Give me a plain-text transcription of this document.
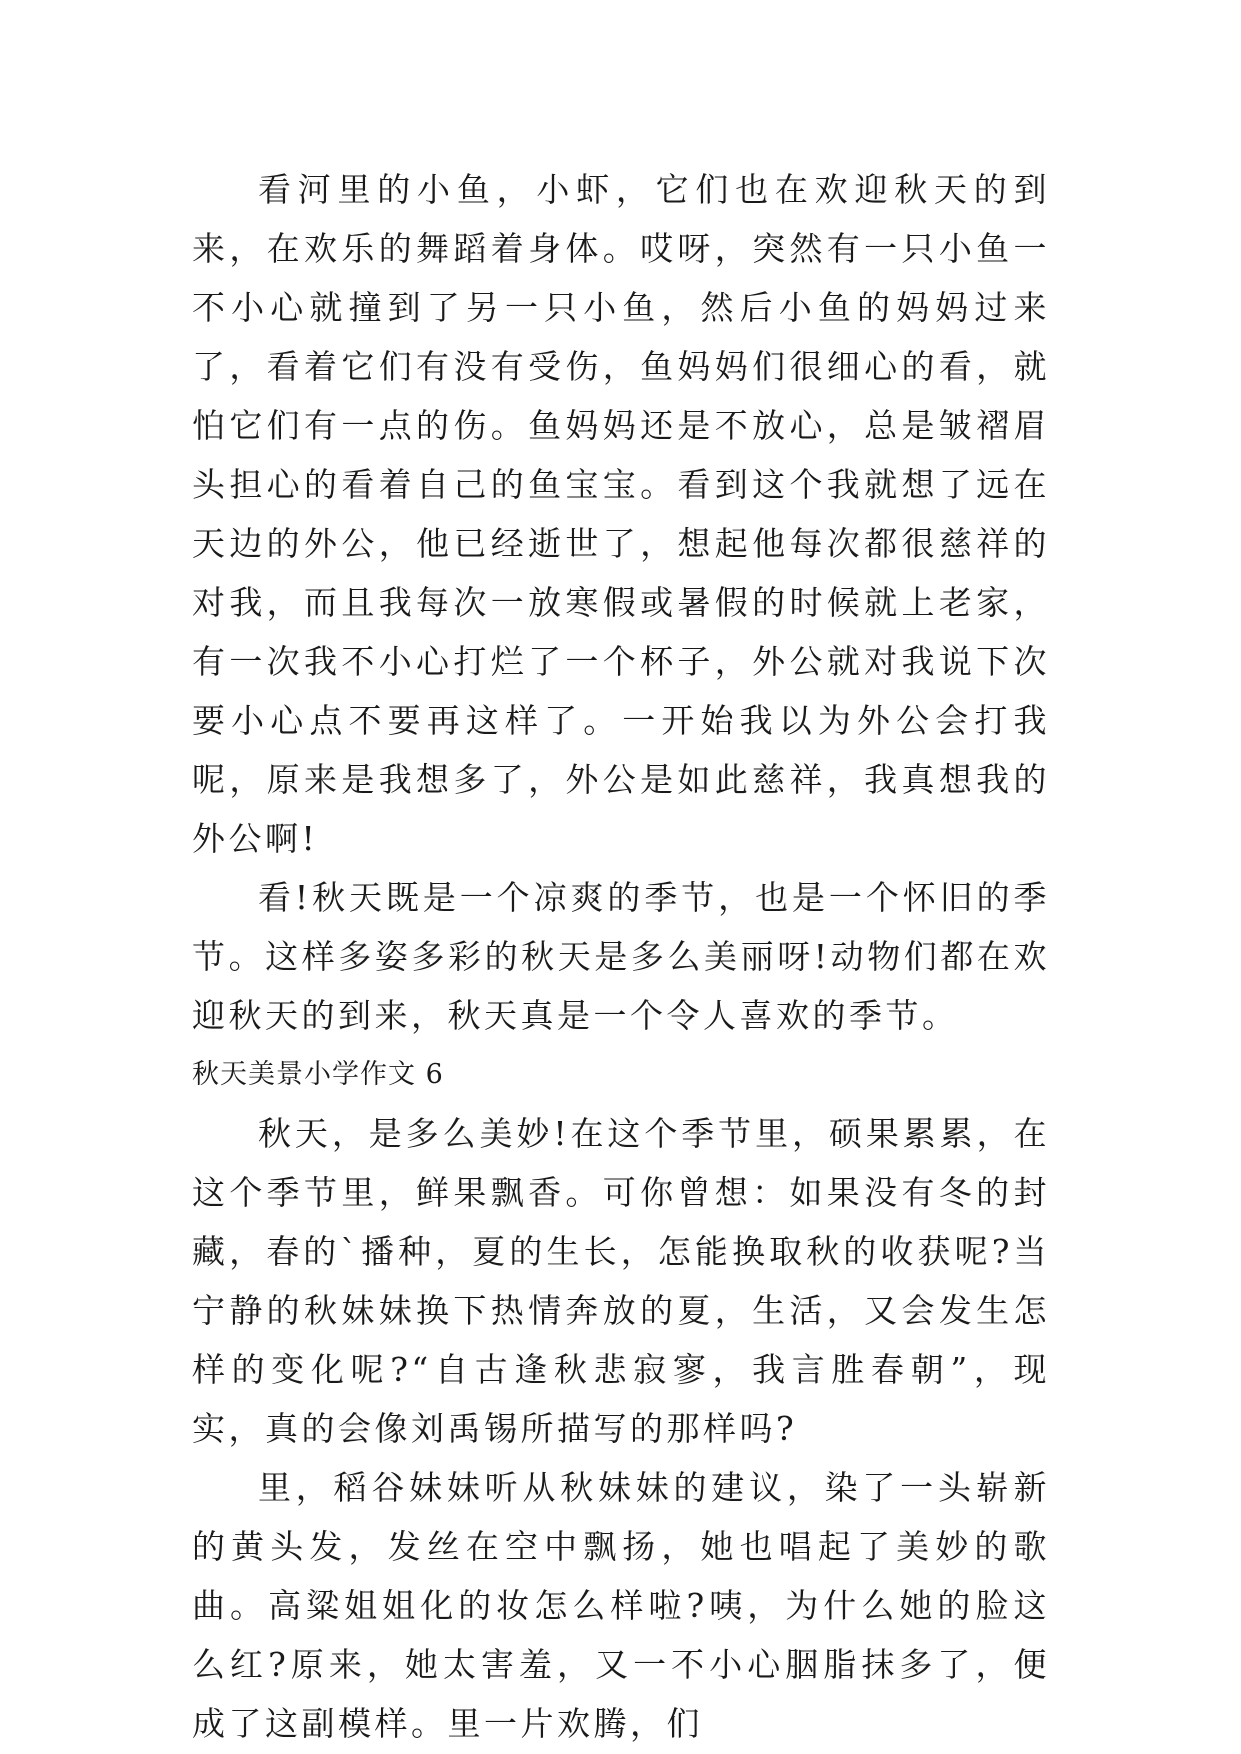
看河里的小鱼，小虾，它们也在欢迎秋天的到来，在欢乐的舞蹈着身体。哎呀，突然有一只小鱼一不小心就撞到了另一只小鱼，然后小鱼的妈妈过来了，看着它们有没有受伤，鱼妈妈们很细心的看，就怕它们有一点的伤。鱼妈妈还是不放心，总是皱褶眉头担心的看着自己的鱼宝宝。看到这个我就想了远在天边的外公，他已经逝世了，想起他每次都很慈祥的对我，而且我每次一放寒假或暑假的时候就上老家，有一次我不小心打烂了一个杯子，外公就对我说下次要小心点不要再这样了。一开始我以为外公会打我呢，原来是我想多了，外公是如此慈祥，我真想我的外公啊!

看!秋天既是一个凉爽的季节，也是一个怀旧的季节。这样多姿多彩的秋天是多么美丽呀!动物们都在欢迎秋天的到来，秋天真是一个令人喜欢的季节。

秋天美景小学作文 6

秋天，是多么美妙!在这个季节里，硕果累累，在这个季节里，鲜果飘香。可你曾想：如果没有冬的封藏，春的`播种，夏的生长，怎能换取秋的收获呢?当宁静的秋妹妹换下热情奔放的夏，生活，又会发生怎样的变化呢?“自古逢秋悲寂寥，我言胜春朝”，现实，真的会像刘禹锡所描写的那样吗?

里，稻谷妹妹听从秋妹妹的建议，染了一头崭新的黄头发，发丝在空中飘扬，她也唱起了美妙的歌曲。高粱姐姐化的妆怎么样啦?咦，为什么她的脸这么红?原来，她太害羞，又一不小心胭脂抹多了，便成了这副模样。里一片欢腾，们
